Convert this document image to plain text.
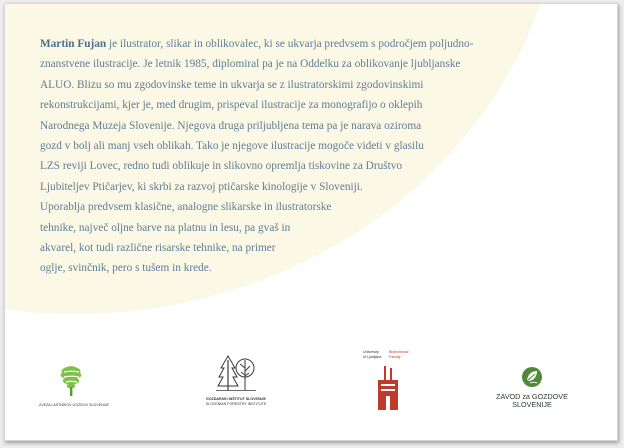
Martin Fujan je ilustrator, slikar in oblikovalec, ki se ukvarja predvsem s področjem poljudno-
znanstvene ilustracije. Je letnik 1985, diplomiral pa je na Oddelku za oblikovanje ljubljanske
ALUO. Blizu so mu zgodovinske teme in ukvarja se z ilustratorskimi zgodovinskimi
rekonstrukcijami, kjer je, med drugim, prispeval ilustracije za monografijo o oklepih
Narodnega Muzeja Slovenije. Njegova druga priljubljena tema pa je narava oziroma
gozd v bolj ali manj vseh oblikah. Tako je njegove ilustracije mogoče videti v glasilu
LZS reviji Lovec, redno tudi oblikuje in slikovno opremlja tiskovine za Društvo
Ljubiteljev Ptičarjev, ki skrbi za razvoj ptičarske kinologije v Sloveniji.
Uporablja predvsem klasične, analogne slikarske in ilustratorske
tehnike, največ oljne barve na platnu in lesu, pa gvaš in
akvarel, kot tudi različne risarske tehnike, na primer
oglje, svinčnik, pero s tušem in krede.

ZVEZA LASTNIKOV GOZDOV SLOVENIJE
GOZDARSKI INŠTITUT SLOVENIJE
SLOVENIAN FORESTRY INSTITUTE
University
of Ljubljana
Biotechnical
Faculty
ZAVOD za GOZDOVE
SLOVENIJE
